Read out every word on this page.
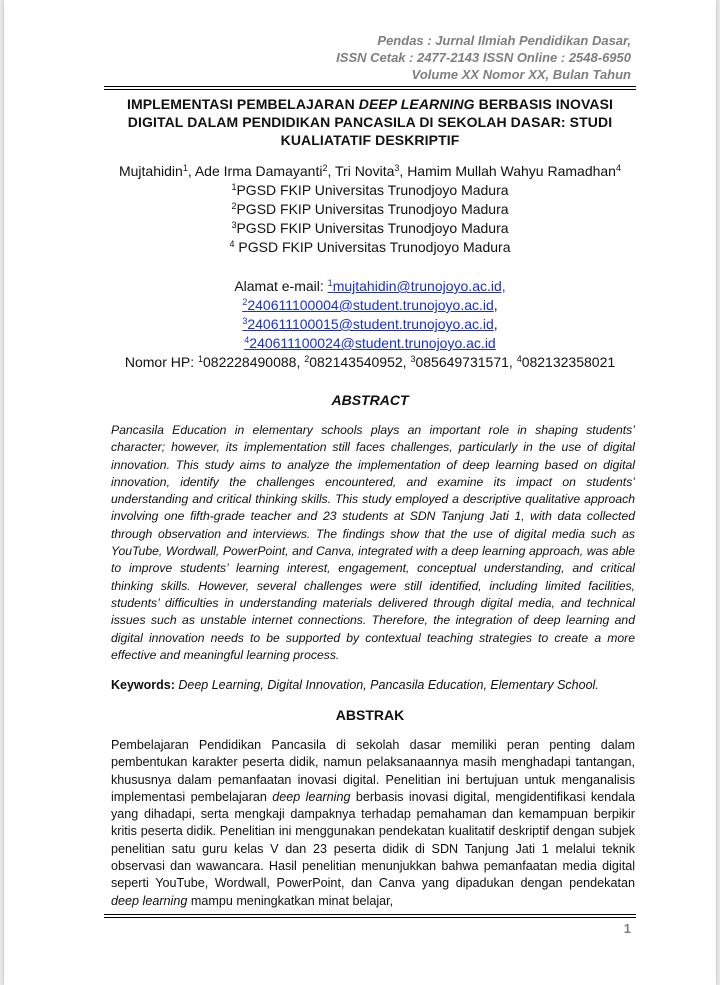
Pendas : Jurnal Ilmiah Pendidikan Dasar,
ISSN Cetak : 2477-2143 ISSN Online : 2548-6950
Volume XX Nomor XX, Bulan Tahun
IMPLEMENTASI PEMBELAJARAN DEEP LEARNING BERBASIS INOVASI DIGITAL DALAM PENDIDIKAN PANCASILA DI SEKOLAH DASAR: STUDI KUALIATATIF DESKRIPTIF
Mujtahidin$^1$, Ade Irma Damayanti$^2$, Tri Novita$^3$, Hamim Mullah Wahyu Ramadhan$^4$
$^1$PGSD FKIP Universitas Trunodjoyo Madura
$^2$PGSD FKIP Universitas Trunodjoyo Madura
$^3$PGSD FKIP Universitas Trunodjoyo Madura
$^4$ PGSD FKIP Universitas Trunodjoyo Madura
Alamat e-mail: $^1$mujtahidin@trunojoyo.ac.id,
$^2$240611100004@student.trunojoyo.ac.id,
$^3$240611100015@student.trunojoyo.ac.id,
$^4$240611100024@student.trunojoyo.ac.id
Nomor HP: $^1$082228490088, $^2$082143540952, $^3$085649731571, $^4$082132358021
ABSTRACT

Pancasila Education in elementary schools plays an important role in shaping students’ character; however, its implementation still faces challenges, particularly in the use of digital innovation. This study aims to analyze the implementation of deep learning based on digital innovation, identify the challenges encountered, and examine its impact on students’ understanding and critical thinking skills. This study employed a descriptive qualitative approach involving one fifth-grade teacher and 23 students at SDN Tanjung Jati 1, with data collected through observation and interviews. The findings show that the use of digital media such as YouTube, Wordwall, PowerPoint, and Canva, integrated with a deep learning approach, was able to improve students’ learning interest, engagement, conceptual understanding, and critical thinking skills. However, several challenges were still identified, including limited facilities, students’ difficulties in understanding materials delivered through digital media, and technical issues such as unstable internet connections. Therefore, the integration of deep learning and digital innovation needs to be supported by contextual teaching strategies to create a more effective and meaningful learning process.

Keywords: Deep Learning, Digital Innovation, Pancasila Education, Elementary School.
ABSTRAK

Pembelajaran Pendidikan Pancasila di sekolah dasar memiliki peran penting dalam pembentukan karakter peserta didik, namun pelaksanaannya masih menghadapi tantangan, khususnya dalam pemanfaatan inovasi digital. Penelitian ini bertujuan untuk menganalisis implementasi pembelajaran deep learning berbasis inovasi digital, mengidentifikasi kendala yang dihadapi, serta mengkaji dampaknya terhadap pemahaman dan kemampuan berpikir kritis peserta didik. Penelitian ini menggunakan pendekatan kualitatif deskriptif dengan subjek penelitian satu guru kelas V dan 23 peserta didik di SDN Tanjung Jati 1 melalui teknik observasi dan wawancara. Hasil penelitian menunjukkan bahwa pemanfaatan media digital seperti YouTube, Wordwall, PowerPoint, dan Canva yang dipadukan dengan pendekatan deep learning mampu meningkatkan minat belajar,

1
